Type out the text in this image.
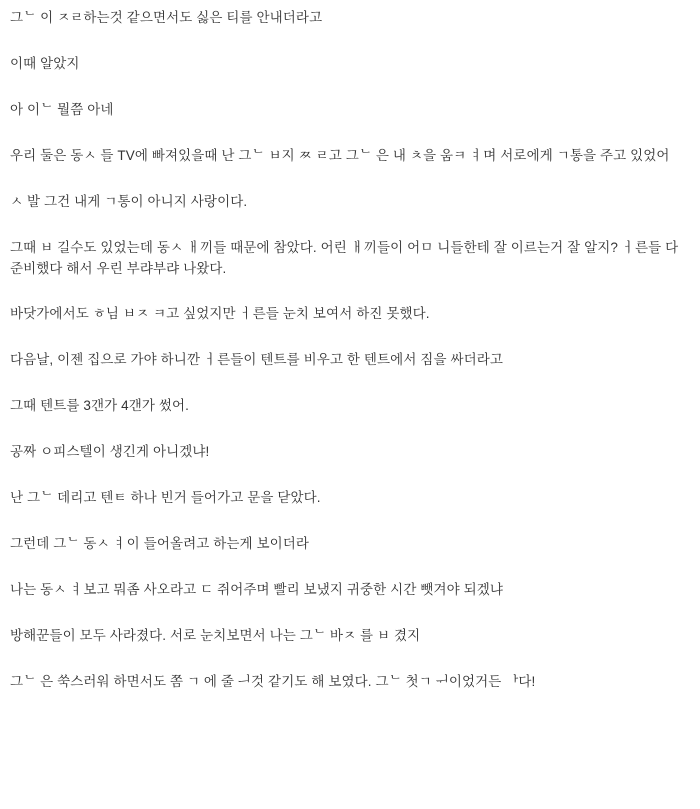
그ᄂ 이 ㅈㄹ하는것 같으면서도 싫은 티를 안내더라고

이때 알았지

아 이ᄂ 뭘쯤 아네

우리 둘은 동ㅅ 들 TV에 빠져있을때 난 그ᄂ ㅂ지 ㅉ ㄹ고 그ᄂ 은 내 ㅊ을 움ㅋ ㅕ며 서로에게 ㄱ통을 주고 있었어

ㅅ 발 그건 내게 ㄱ통이 아니지 사랑이다.

그때 ㅂ 길수도 있었는데 동ㅅ ㅐ끼들 때문에 참았다. 어린 ㅐ끼들이 어ㅁ 니들한테 잘 이르는거 잘 알지? ㅓ른들 다 준비했다 해서 우린 부랴부랴 나왔다.

바닷가에서도 ㅎ님 ㅂㅈ ㅋ고 싶었지만 ㅓ른들 눈치 보여서 하진 못했다.

다음날, 이젠 집으로 가야 하니깐 ㅓ른들이 텐트를 비우고 한 텐트에서 짐을 싸더라고

그때 텐트를 3갠가 4갠가 썼어.

공짜 ㅇ피스텔이 생긴게 아니겠냐!

난 그ᄂ 데리고 텐ㅌ 하나 빈거 들어가고 문을 닫았다.

그런데 그ᄂ 동ㅅ ㅕ이 들어올려고 하는게 보이더라

나는 동ㅅ ㅕ보고 뭐좀 사오라고 ㄷ 쥐어주며 빨리 보냈지 귀중한 시간 뺏겨야 되겠냐

방해꾼들이 모두 사라졌다. 서로 눈치보면서 나는 그ᄂ 바ㅈ 를 ㅂ 겼지

그ᄂ 은 쑥스러워 하면서도 쫌 ㄱ 에 줄 ᅴ것 같기도 해 보였다. 그ᄂ 첫ㄱ ᅱ이었거든 ᅡ다!
